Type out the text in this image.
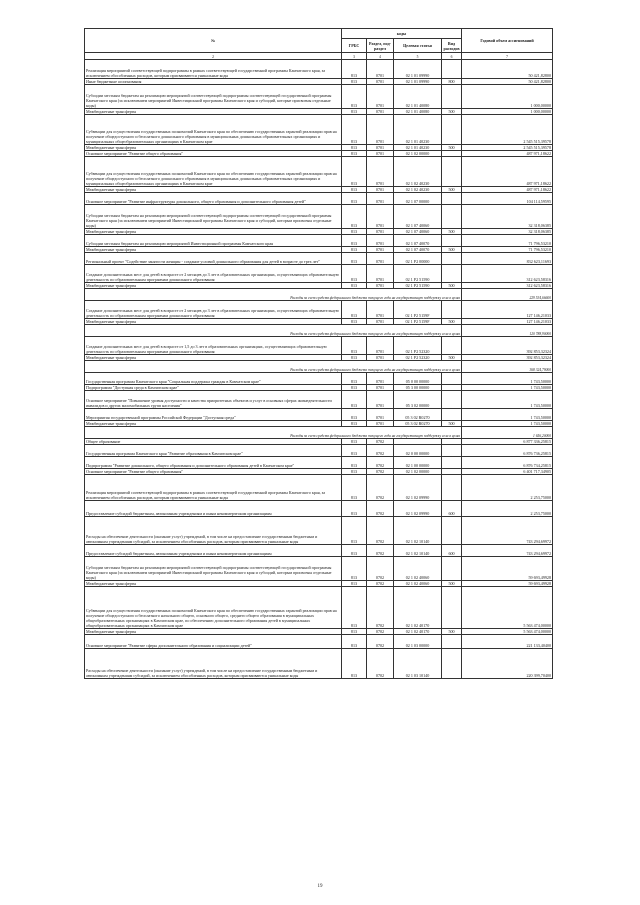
№	коды				Годовой объем ассигнований
	ГРБС	Раздел, под-раздел	Целевая статья	Вид расходов	
2	3	4	5	6	7
Реализация мероприятий соответствующей подпрограммы в рамках соответствующей государственной программы Камчатского края, за исключением обособленных расходов, которым присваиваются уникальные коды	813	0701	02 1 01 09990		50 421,82800
Иные бюджетные ассигнования	813	0701	02 1 01 09990	800	50 421,82800
Субсидии местным бюджетам на реализацию мероприятий соответствующей подпрограммы соответствующей государственной программы Камчатского края (за исключением мероприятий Инвестиционной программы Камчатского края и субсидий, которые присвоены отдельные коды)	813	0701	02 1 01 40080		1 000,00000
Межбюджетные трансферты	813	0701	02 1 01 40080	500	1 000,00000
Субвенции для осуществления государственных полномочий Камчатского края по обеспечению государственных гарантий реализации прав на получение общедоступного и бесплатного дошкольного образования в муниципальных дошкольных образовательных организациях и муниципальных общеобразовательных организациях в Камчатском крае	813	0701	02 1 01 40230		2 545 515,39578
Межбюджетные трансферты	813	0701	02 1 01 40230	500	2 545 515,39578
Основное мероприятие "Развитие общего образования"	813	0701	02 1 02 00000		487 971,18622
Субвенции для осуществления государственных полномочий Камчатского края по обеспечению государственных гарантий реализации прав на получение общедоступного и бесплатного дошкольного образования в муниципальных дошкольных образовательных организациях и муниципальных общеобразовательных организациях в Камчатском крае	813	0701	02 1 02 40230		487 971,18622
Межбюджетные трансферты	813	0701	02 1 02 40230	500	487 971,18622
Основное мероприятие "Развитие инфраструктуры дошкольного, общего образования и дополнительного образования детей"	813	0701	02 1 07 00000		104 114,59595
Субсидии местным бюджетам на реализацию мероприятий соответствующей подпрограммы соответствующей государственной программы Камчатского края (за исключением мероприятий Инвестиционной программы Камчатского края и субсидий, которым присвоены отдельные коды)	813	0701	02 1 07 40060		32 318,06385
Межбюджетные трансферты	813	0701	02 1 07 40060	500	32 318,06385
Субсидии местным бюджетам на реализацию мероприятий Инвестиционной программы Камчатского края	813	0701	02 1 07 40070		71 796,53210
Межбюджетные трансферты	813	0701	02 1 07 40070	500	71 796,53210
Региональный проект "Содействие занятости женщин - создание условий дошкольного образования для детей в возрасте до трех лет"	813	0701	02 1 P2 00000		832 623,11693
Создание дополнительных мест для детей в возрасте от 2 месяцев до 3 лет в образовательных организациях, осуществляющих образовательную деятельность по образовательным программам дошкольного образования	813	0701	02 1 P2 51590		312 623,58316
Межбюджетные трансферты	813	0701	02 1 P2 51590	500	312 623,58316
Расходы за счет средств федерального бюджета текущего года на государственную поддержку села в целях					229 534,66600
Создание дополнительных мест для детей в возрасте от 2 месяцев до 3 лет в образовательных организациях, осуществляющих образовательную деятельность по образовательным программам дошкольного образования	813	0701	02 1 P2 5159F		127 146,21033
Межбюджетные трансферты	813	0701	02 1 P2 5159F	500	127 146,21033
Расходы за счет средств федерального бюджета текущего года на государственную поддержку села в целях					120 788,90000
Создание дополнительных мест для детей в возрасте от 1,5 до 3 лет в образовательных организациях, осуществляющих образовательную деятельность по образовательным программам дошкольного образования	813	0701	02 1 P2 52320		392 853,32324
Межбюджетные трансферты	813	0701	02 1 P2 52320	500	392 853,32324
Расходы за счет средств федерального бюджета текущего года на государственную поддержку села в целях					368 324,79000
Государственная программа Камчатского края "Социальная поддержка граждан в Камчатском крае"	813	0701	05 0 00 00000		1 743,50000
Подпрограмма "Доступная среда в Камчатском крае"	813	0701	05 3 00 00000		1 743,50000
Основное мероприятие "Повышение уровня доступности и качества приоритетных объектов и услуг в основных сферах жизнедеятельности инвалидов и других маломобильных групп населения"	813	0701	05 3 02 00000		1 743,50000
Мероприятия государственной программы Российской Федерации "Доступная среда"	813	0701	05 3 02 R0270		1 743,50000
Межбюджетные трансферты	813	0701	05 3 02 R0270	500	1 743,50000
Расходы за счет средств федерального бюджета текущего года на государственную поддержку села в целях					1 656,20000
Общее образование	813	0702			6 877 336,25815
Государственная программа Камчатского края "Развитие образования в Камчатском крае"	813	0702	02 0 00 00000		6 876 736,25815
Подпрограмма "Развитие дошкольного, общего образования и дополнительного образования детей в Камчатском крае"	813	0702	02 1 00 00000		6 876 734,25815
Основное мероприятие "Развитие общего образования"	813	0702	02 1 02 00000		6 401 717,34905
Реализация мероприятий соответствующей подпрограммы в рамках соответствующей государственной программы Камчатского края, за исключением обособленных расходов, которым присваиваются уникальные коды	813	0702	02 1 02 09990		2 253,75000
Предоставление субсидий бюджетным, автономным учреждениям и иным некоммерческим организациям	813	0702	02 1 02 09990	600	2 253,75000
Расходы на обеспечение деятельности (оказание услуг) учреждений, в том числе на предоставление государственным бюджетным и автономным учреждениям субсидий, за исключением обособленных расходов, которым присваиваются уникальные коды	813	0702	02 1 02 10140		743 294,69972
Предоставление субсидий бюджетным, автономным учреждениям и иным некоммерческим организациям	813	0702	02 1 02 10140	600	743 294,69972
Субсидии местным бюджетам на реализацию мероприятий соответствующей подпрограммы соответствующей государственной программы Камчатского края (за исключением мероприятий Инвестиционной программы Камчатского края и субсидий, которым присвоены отдельные коды)	813	0702	02 1 02 40060		59 693,49928
Межбюджетные трансферты	813	0702	02 1 02 40060	500	59 693,49928
Субвенции для осуществления государственных полномочий Камчатского края по обеспечению государственных гарантий реализации прав на получение общедоступного и бесплатного начального общего, основного общего, среднего общего образования в муниципальных общеобразовательных организациях в Камчатском крае, по обеспечению дополнительного образования детей в муниципальных общеобразовательных организациях в Камчатском крае	813	0702	02 1 02 40170		5 563 474,00000
Межбюджетные трансферты	813	0702	02 1 02 40170	500	5 563 474,00000
Основное мероприятие "Развитие сферы дополнительного образования и социализации детей"	813	0702	02 1 03 00000		221 133,40400
Расходы на обеспечение деятельности (оказание услуг) учреждений, в том числе на предоставление государственным бюджетным и автономным учреждениям субсидий, за исключением обособленных расходов, которым присваиваются уникальные коды	813	0702	02 1 03 10140		220 399,70400
19
